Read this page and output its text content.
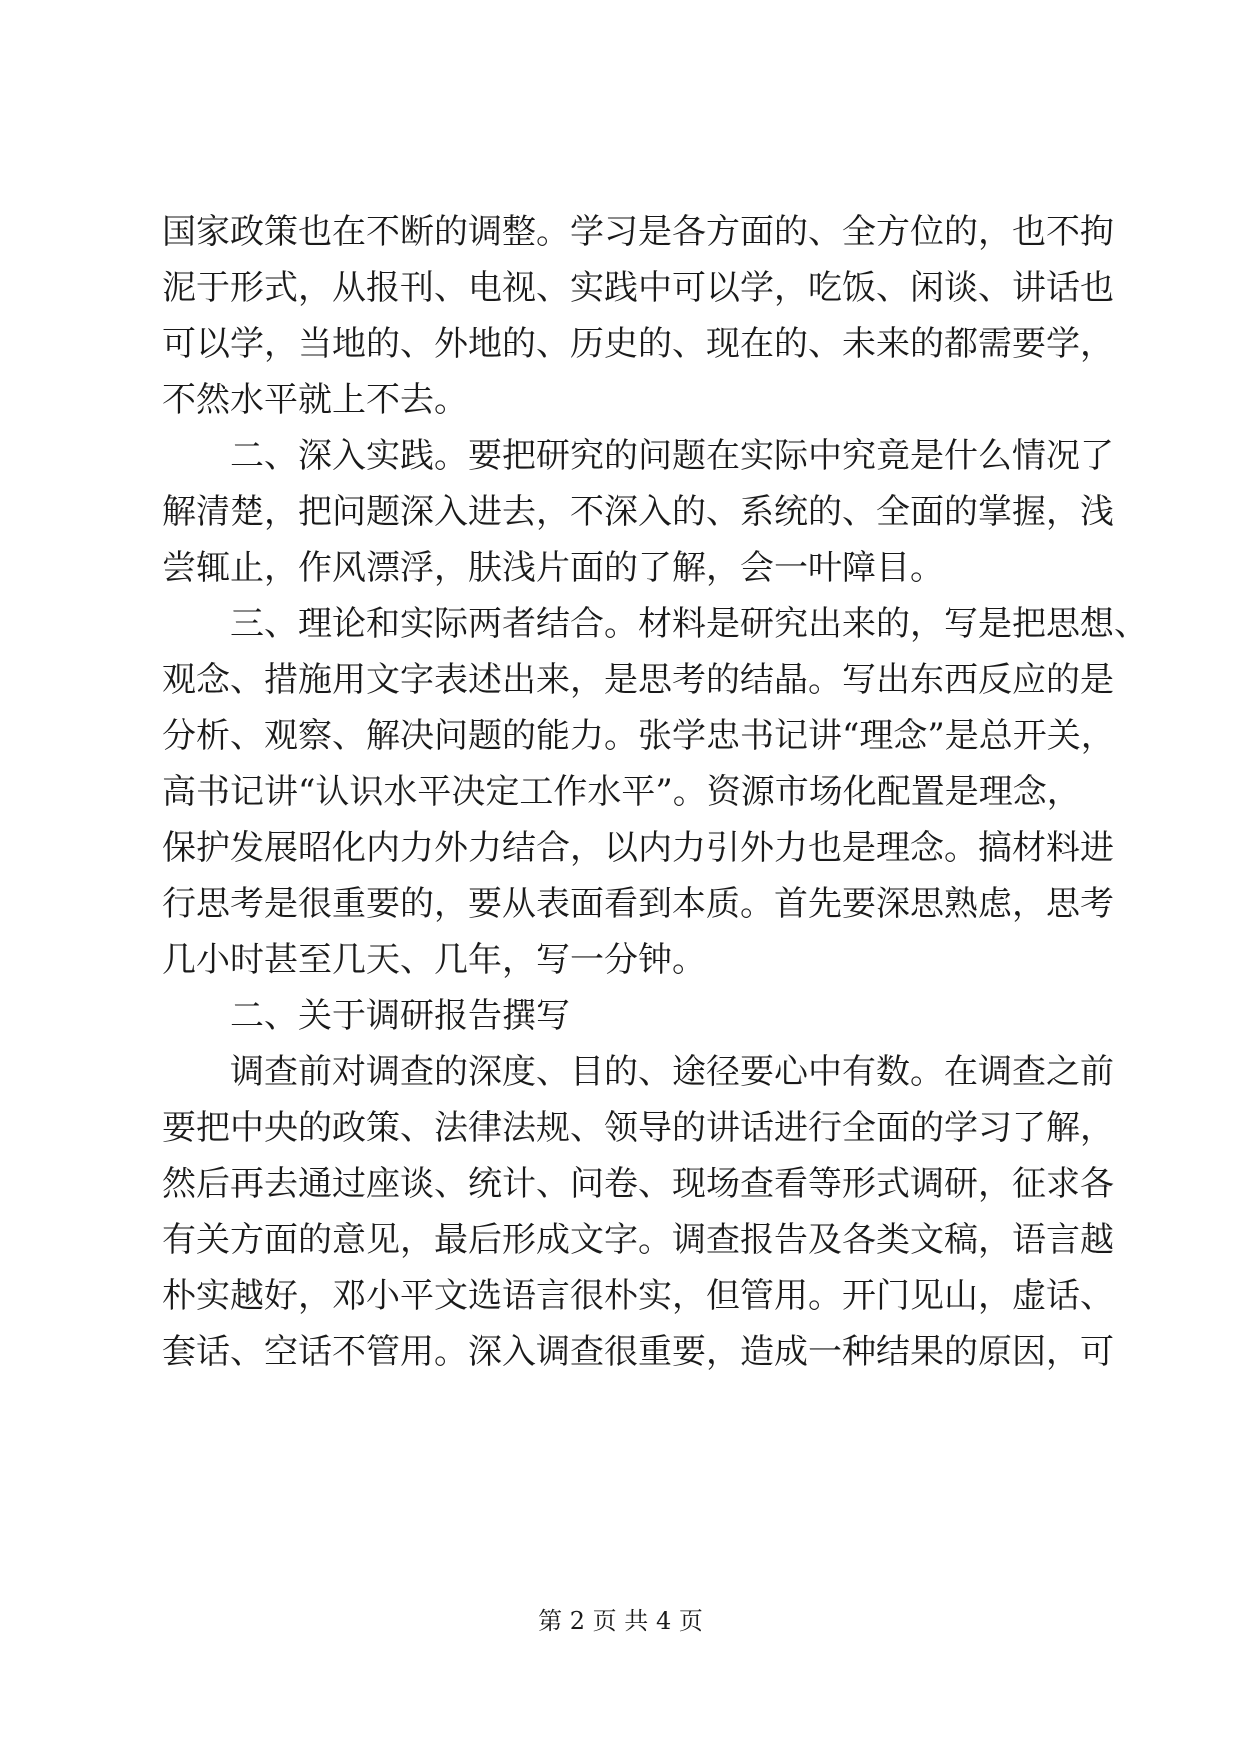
国家政策也在不断的调整。学习是各方面的、全方位的，也不拘
泥于形式，从报刊、电视、实践中可以学，吃饭、闲谈、讲话也
可以学，当地的、外地的、历史的、现在的、未来的都需要学，
不然水平就上不去。
二、深入实践。要把研究的问题在实际中究竟是什么情况了
解清楚，把问题深入进去，不深入的、系统的、全面的掌握，浅
尝辄止，作风漂浮，肤浅片面的了解，会一叶障目。
三、理论和实际两者结合。材料是研究出来的，写是把思想、
观念、措施用文字表述出来，是思考的结晶。写出东西反应的是
分析、观察、解决问题的能力。张学忠书记讲“理念”是总开关，
高书记讲“认识水平决定工作水平”。资源市场化配置是理念，
保护发展昭化内力外力结合，以内力引外力也是理念。搞材料进
行思考是很重要的，要从表面看到本质。首先要深思熟虑，思考
几小时甚至几天、几年，写一分钟。
二、关于调研报告撰写
调查前对调查的深度、目的、途径要心中有数。在调查之前
要把中央的政策、法律法规、领导的讲话进行全面的学习了解，
然后再去通过座谈、统计、问卷、现场查看等形式调研，征求各
有关方面的意见，最后形成文字。调查报告及各类文稿，语言越
朴实越好，邓小平文选语言很朴实，但管用。开门见山，虚话、
套话、空话不管用。深入调查很重要，造成一种结果的原因，可
第 2 页 共 4 页
